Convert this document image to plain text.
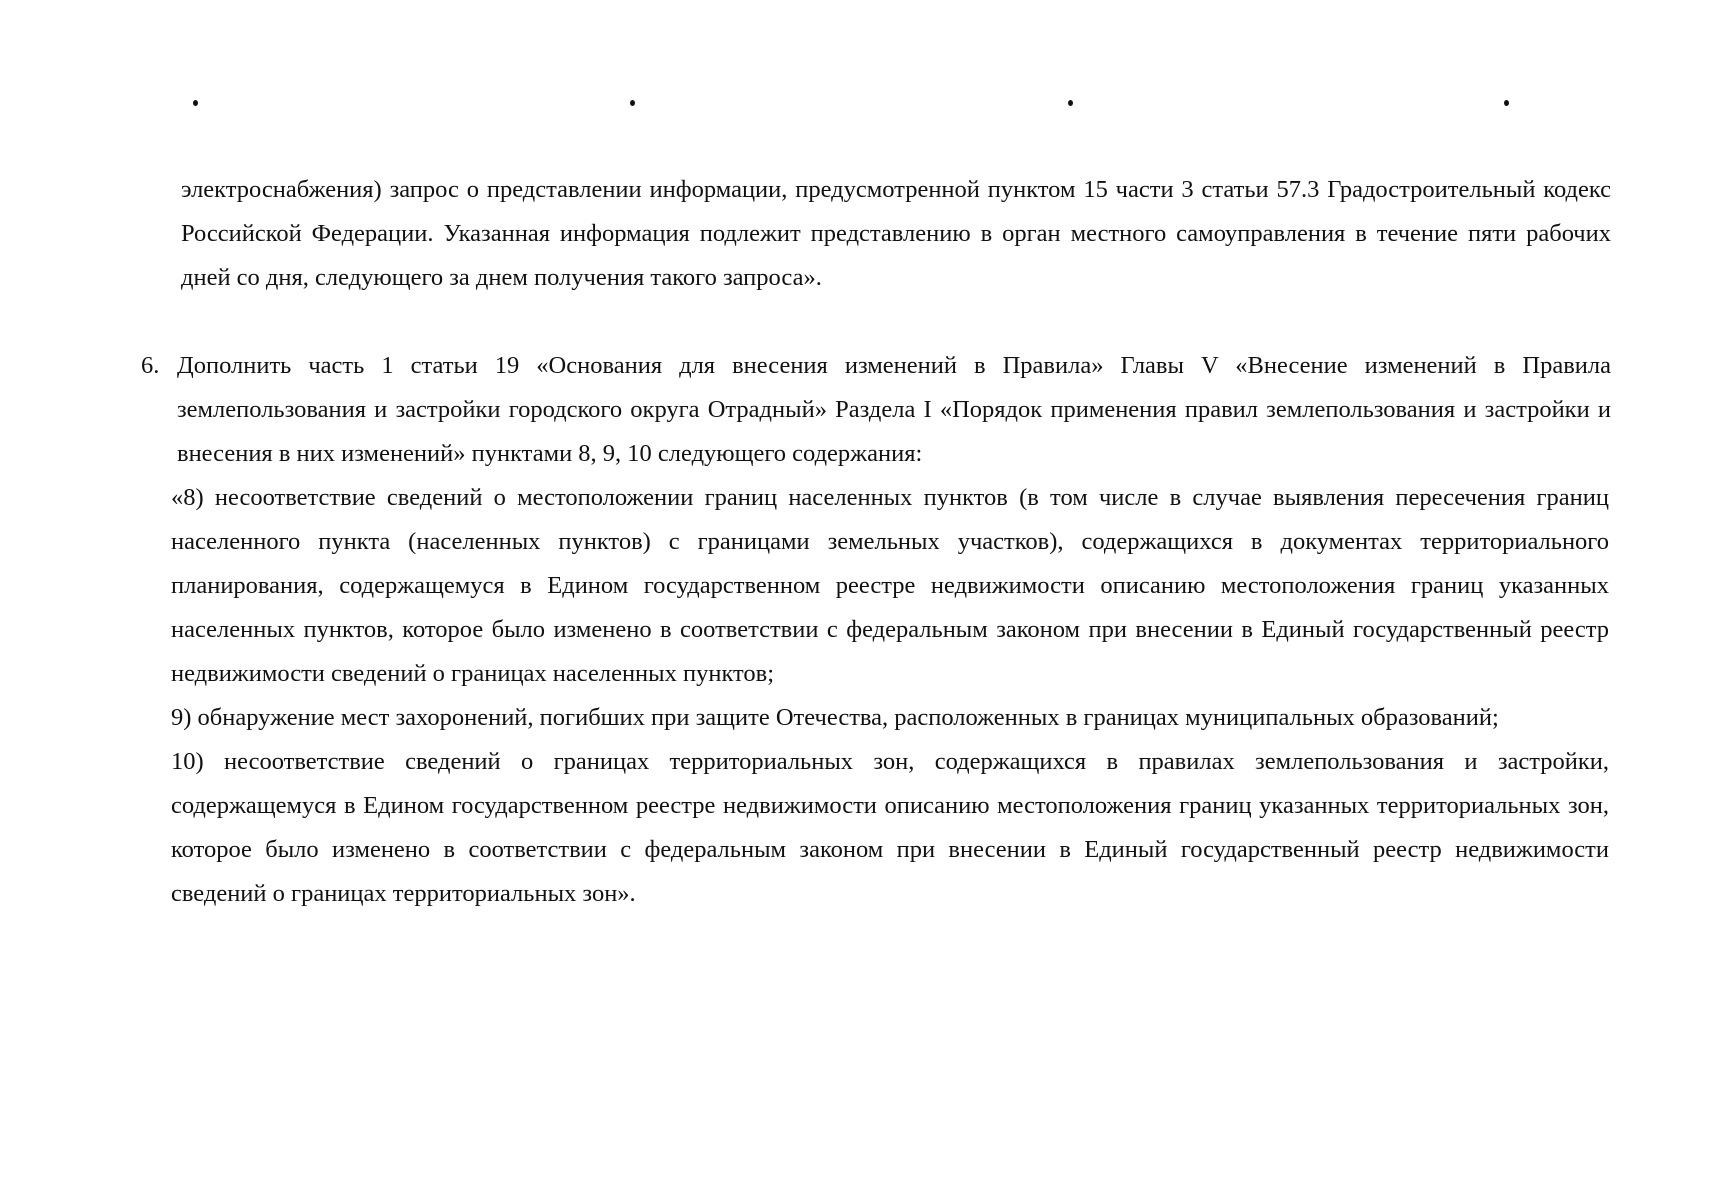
электроснабжения) запрос о представлении информации, предусмотренной пунктом 15 части 3 статьи 57.3 Градостроительный кодекс Российской Федерации. Указанная информация подлежит представлению в орган местного самоуправления в течение пяти рабочих дней со дня, следующего за днем получения такого запроса».

6. Дополнить часть 1 статьи 19 «Основания для внесения изменений в Правила» Главы V «Внесение изменений в Правила землепользования и застройки городского округа Отрадный» Раздела I «Порядок применения правил землепользования и застройки и внесения в них изменений» пунктами 8, 9, 10 следующего содержания:

«8) несоответствие сведений о местоположении границ населенных пунктов (в том числе в случае выявления пересечения границ населенного пункта (населенных пунктов) с границами земельных участков), содержащихся в документах территориального планирования, содержащемуся в Едином государственном реестре недвижимости описанию местоположения границ указанных населенных пунктов, которое было изменено в соответствии с федеральным законом при внесении в Единый государственный реестр недвижимости сведений о границах населенных пунктов;

9) обнаружение мест захоронений, погибших при защите Отечества, расположенных в границах муниципальных образований;

10) несоответствие сведений о границах территориальных зон, содержащихся в правилах землепользования и застройки, содержащемуся в Едином государственном реестре недвижимости описанию местоположения границ указанных территориальных зон, которое было изменено в соответствии с федеральным законом при внесении в Единый государственный реестр недвижимости сведений о границах территориальных зон».
